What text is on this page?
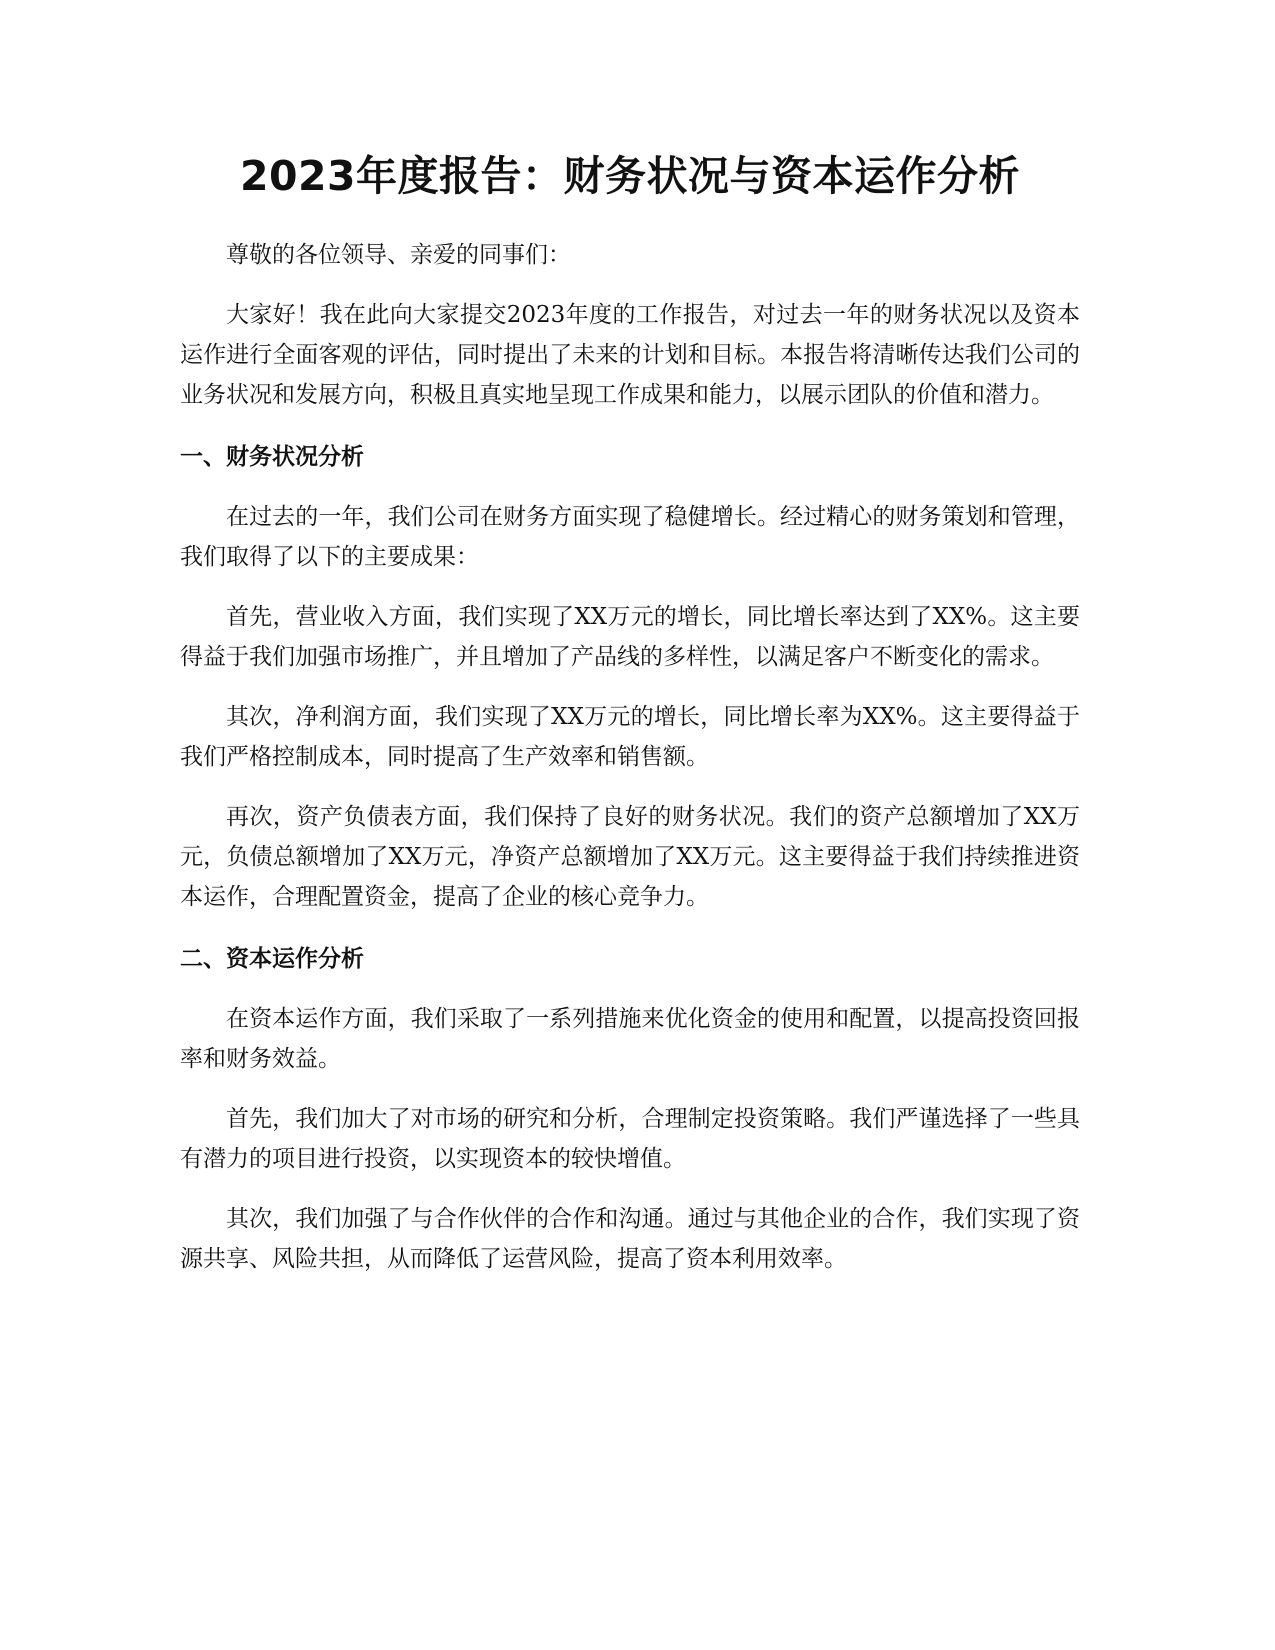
2023年度报告：财务状况与资本运作分析

尊敬的各位领导、亲爱的同事们：

大家好！我在此向大家提交2023年度的工作报告，对过去一年的财务状况以及资本运作进行全面客观的评估，同时提出了未来的计划和目标。本报告将清晰传达我们公司的业务状况和发展方向，积极且真实地呈现工作成果和能力，以展示团队的价值和潜力。

一、财务状况分析

在过去的一年，我们公司在财务方面实现了稳健增长。经过精心的财务策划和管理，我们取得了以下的主要成果：

首先，营业收入方面，我们实现了XX万元的增长，同比增长率达到了XX%。这主要得益于我们加强市场推广，并且增加了产品线的多样性，以满足客户不断变化的需求。

其次，净利润方面，我们实现了XX万元的增长，同比增长率为XX%。这主要得益于我们严格控制成本，同时提高了生产效率和销售额。

再次，资产负债表方面，我们保持了良好的财务状况。我们的资产总额增加了XX万元，负债总额增加了XX万元，净资产总额增加了XX万元。这主要得益于我们持续推进资本运作，合理配置资金，提高了企业的核心竞争力。

二、资本运作分析

在资本运作方面，我们采取了一系列措施来优化资金的使用和配置，以提高投资回报率和财务效益。

首先，我们加大了对市场的研究和分析，合理制定投资策略。我们严谨选择了一些具有潜力的项目进行投资，以实现资本的较快增值。

其次，我们加强了与合作伙伴的合作和沟通。通过与其他企业的合作，我们实现了资源共享、风险共担，从而降低了运营风险，提高了资本利用效率。
